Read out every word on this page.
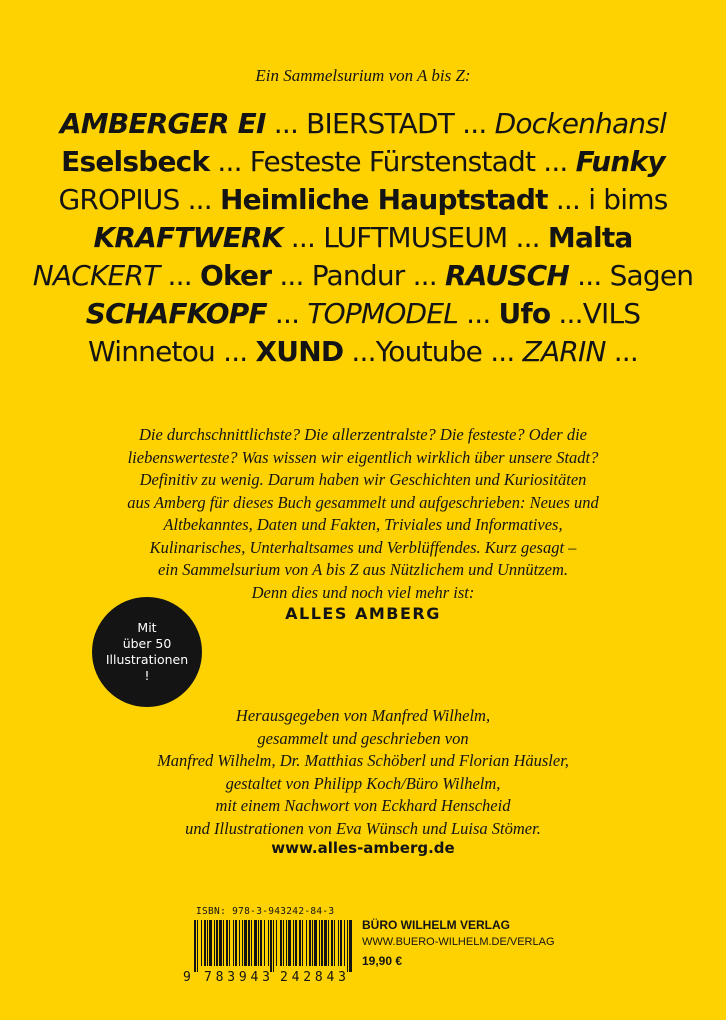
Ein Sammelsurium von A bis Z:
AMBERGER EI ... BIERSTADT ... Dockenhansl
Eselsbeck ... Festeste Fürstenstadt ... Funky
GROPIUS ... Heimliche Hauptstadt ... i bims
KRAFTWERK ... LUFTMUSEUM ... Malta
NACKERT ... Oker ... Pandur ... RAUSCH ... Sagen
SCHAFKOPF ... TOPMODEL ... Ufo ...VILS
Winnetou ... XUND ...Youtube ... ZARIN ...
Die durchschnittlichste? Die allerzentralste? Die festeste? Oder die
liebenswerteste? Was wissen wir eigentlich wirklich über unsere Stadt?
Definitiv zu wenig. Darum haben wir Geschichten und Kuriositäten
aus Amberg für dieses Buch gesammelt und aufgeschrieben: Neues und
Altbekanntes, Daten und Fakten, Triviales und Informatives,
Kulinarisches, Unterhaltsames und Verblüffendes. Kurz gesagt –
ein Sammelsurium von A bis Z aus Nützlichem und Unnützem.
Denn dies und noch viel mehr ist:
ALLES AMBERG
Mit
über 50
Illustrationen
!
Herausgegeben von Manfred Wilhelm,
gesammelt und geschrieben von
Manfred Wilhelm, Dr. Matthias Schöberl und Florian Häusler,
gestaltet von Philipp Koch/Büro Wilhelm,
mit einem Nachwort von Eckhard Henscheid
und Illustrationen von Eva Wünsch und Luisa Stömer.
www.alles-amberg.de
ISBN: 978-3-943242-84-3
9 783943 242843
BÜRO WILHELM VERLAG
WWW.BUERO-WILHELM.DE/VERLAG
19,90 €
